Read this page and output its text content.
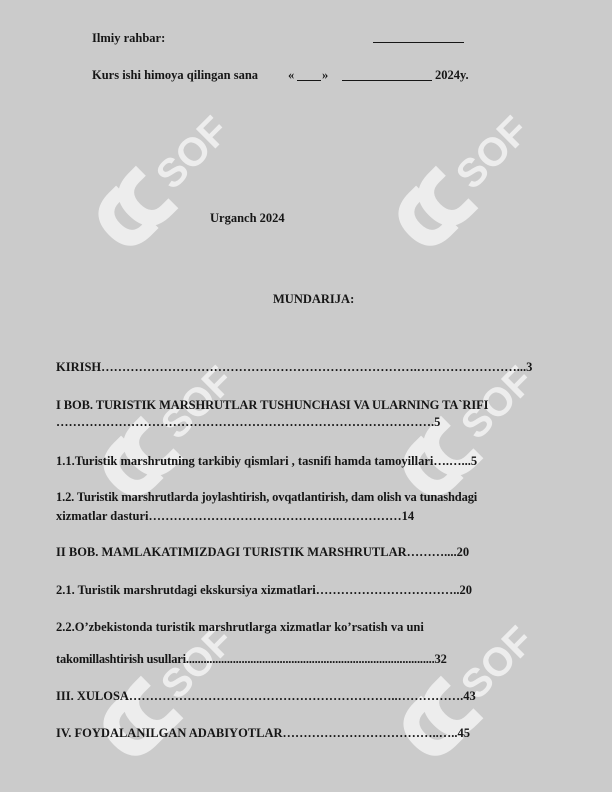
SOFF	SOFF
SOFF	SOFF
SOFF	SOFF
Ilmiy rahbar:
Kurs ishi himoya qilingan sana « »	2024y.
Urganch 2024
MUNDARIJA:
KIRISH………………………………………………………………….……………………...3
I BOB. TURISTIK MARSHRUTLAR TUSHUNCHASI VA ULARNING TA`RIFI
……………………………………………………………………………….5
1.1.Turistik marshrutning tarkibiy qismlari , tasnifi hamda tamoyillari….…...5
1.2. Turistik marshrutlarda joylashtirish, ovqatlantirish, dam olish va tunashdagi
xizmatlar dasturi……………………………………….……………14
II BOB. MAMLAKATIMIZDAGI TURISTIK MARSHRUTLAR………....20
2.1. Turistik marshrutdagi ekskursiya xizmatlari……………………………..20
2.2.O’zbekistonda turistik marshrutlarga xizmatlar ko’rsatish va uni
takomillashtirish usullari.....................................................................................32
III. XULOSA………………………………………………………..…………….43
IV. FOYDALANILGAN ADABIYOTLAR………………………………..…..45
